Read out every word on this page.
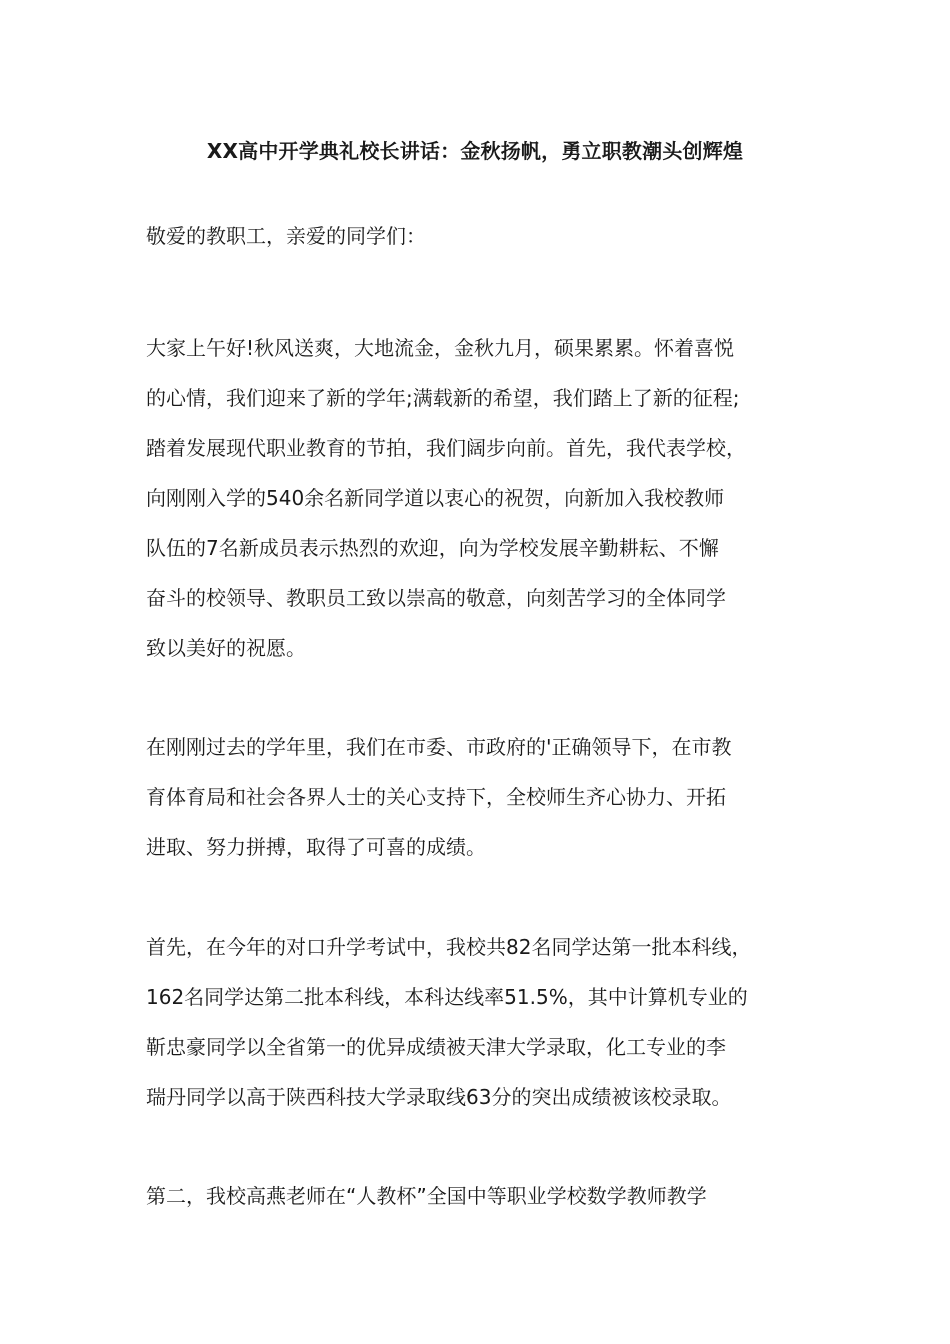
XX高中开学典礼校长讲话：金秋扬帆，勇立职教潮头创辉煌
敬爱的教职工，亲爱的同学们：
大家上午好!秋风送爽，大地流金，金秋九月，硕果累累。怀着喜悦
的心情，我们迎来了新的学年;满载新的希望，我们踏上了新的征程;
踏着发展现代职业教育的节拍，我们阔步向前。首先，我代表学校，
向刚刚入学的540余名新同学道以衷心的祝贺，向新加入我校教师
队伍的7名新成员表示热烈的欢迎，向为学校发展辛勤耕耘、不懈
奋斗的校领导、教职员工致以崇高的敬意，向刻苦学习的全体同学
致以美好的祝愿。
在刚刚过去的学年里，我们在市委、市政府的'正确领导下，在市教
育体育局和社会各界人士的关心支持下，全校师生齐心协力、开拓
进取、努力拼搏，取得了可喜的成绩。
首先，在今年的对口升学考试中，我校共82名同学达第一批本科线，
162名同学达第二批本科线，本科达线率51.5%，其中计算机专业的
靳忠豪同学以全省第一的优异成绩被天津大学录取，化工专业的李
瑞丹同学以高于陕西科技大学录取线63分的突出成绩被该校录取。
第二，我校高燕老师在“人教杯”全国中等职业学校数学教师教学
